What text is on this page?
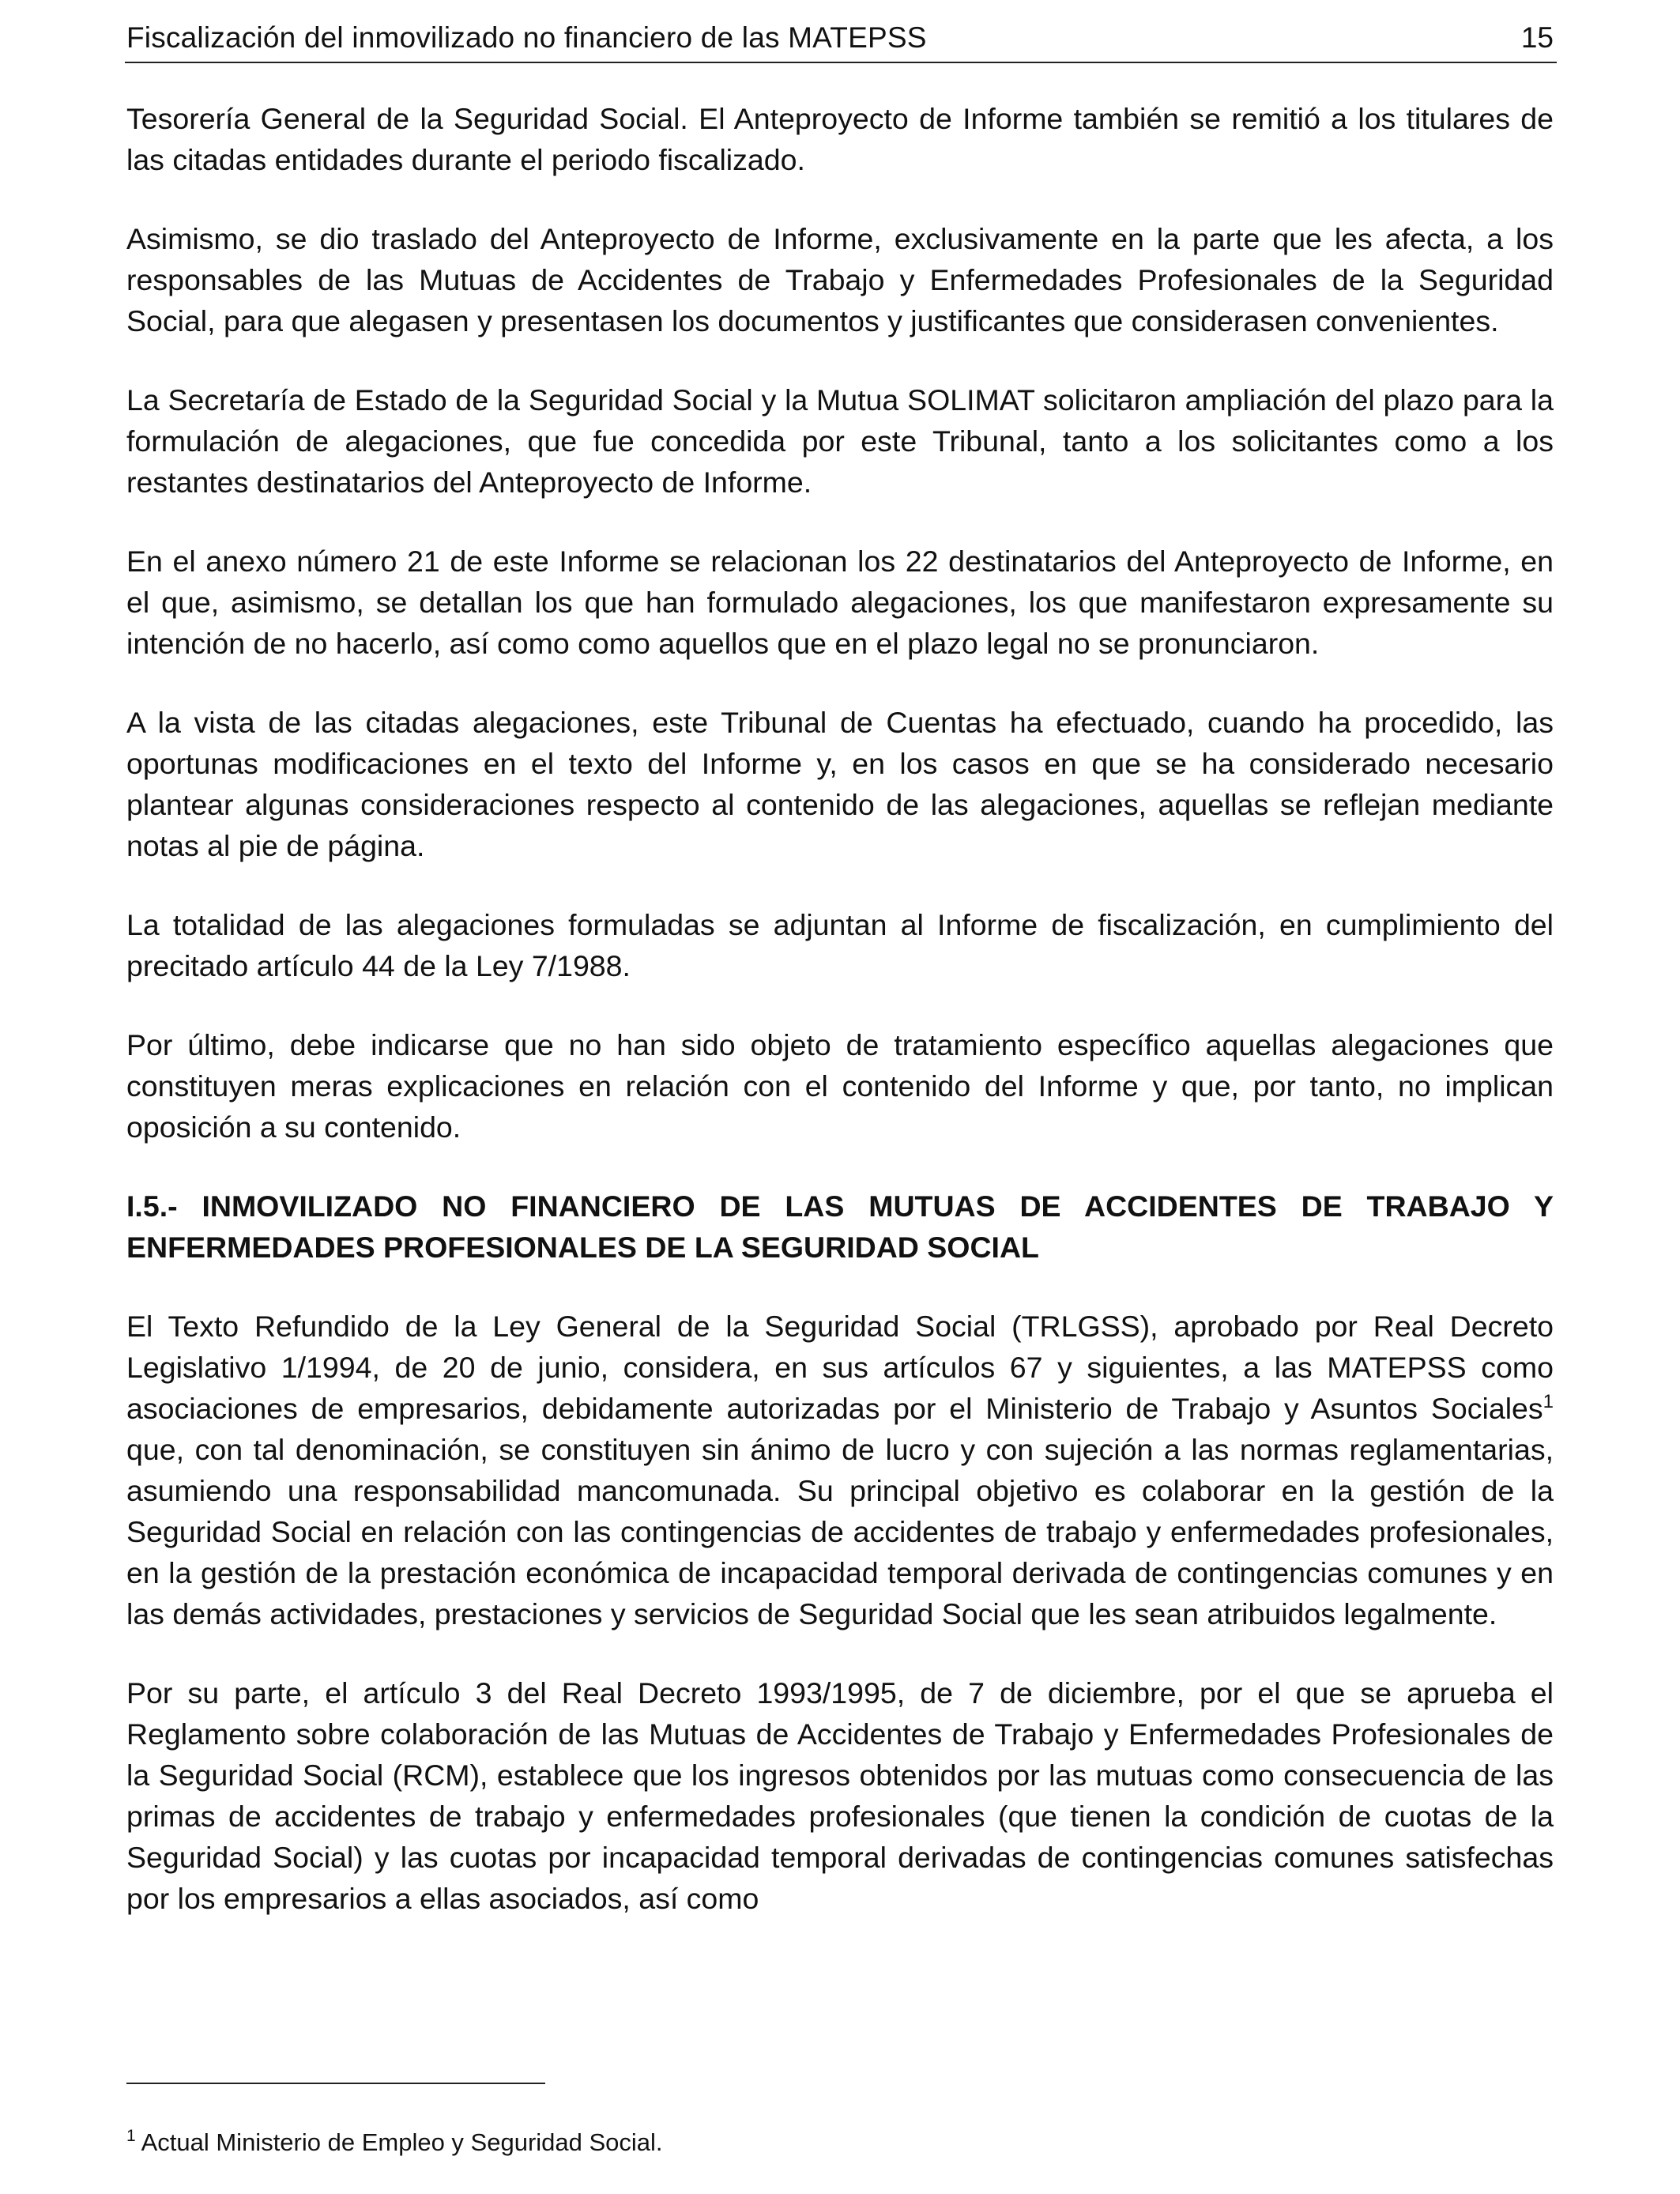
Fiscalización del inmovilizado no financiero de las MATEPSS	15

Tesorería General de la Seguridad Social. El Anteproyecto de Informe también se remitió a los titulares de las citadas entidades durante el periodo fiscalizado.

Asimismo, se dio traslado del Anteproyecto de Informe, exclusivamente en la parte que les afecta, a los responsables de las Mutuas de Accidentes de Trabajo y Enfermedades Profesionales de la Seguridad Social, para que alegasen y presentasen los documentos y justificantes que considerasen convenientes.

La Secretaría de Estado de la Seguridad Social y la Mutua SOLIMAT solicitaron ampliación del plazo para la formulación de alegaciones, que fue concedida por este Tribunal, tanto a los solicitantes como a los restantes destinatarios del Anteproyecto de Informe.

En el anexo número 21 de este Informe se relacionan los 22 destinatarios del Anteproyecto de Informe, en el que, asimismo, se detallan los que han formulado alegaciones, los que manifestaron expresamente su intención de no hacerlo, así como como aquellos que en el plazo legal no se pronunciaron.

A la vista de las citadas alegaciones, este Tribunal de Cuentas ha efectuado, cuando ha procedido, las oportunas modificaciones en el texto del Informe y, en los casos en que se ha considerado necesario plantear algunas consideraciones respecto al contenido de las alegaciones, aquellas se reflejan mediante notas al pie de página.

La totalidad de las alegaciones formuladas se adjuntan al Informe de fiscalización, en cumplimiento del precitado artículo 44 de la Ley 7/1988.

Por último, debe indicarse que no han sido objeto de tratamiento específico aquellas alegaciones que constituyen meras explicaciones en relación con el contenido del Informe y que, por tanto, no implican oposición a su contenido.

I.5.- INMOVILIZADO NO FINANCIERO DE LAS MUTUAS DE ACCIDENTES DE TRABAJO Y ENFERMEDADES PROFESIONALES DE LA SEGURIDAD SOCIAL

El Texto Refundido de la Ley General de la Seguridad Social (TRLGSS), aprobado por Real Decreto Legislativo 1/1994, de 20 de junio, considera, en sus artículos 67 y siguientes, a las MATEPSS como asociaciones de empresarios, debidamente autorizadas por el Ministerio de Trabajo y Asuntos Sociales$^1$ que, con tal denominación, se constituyen sin ánimo de lucro y con sujeción a las normas reglamentarias, asumiendo una responsabilidad mancomunada. Su principal objetivo es colaborar en la gestión de la Seguridad Social en relación con las contingencias de accidentes de trabajo y enfermedades profesionales, en la gestión de la prestación económica de incapacidad temporal derivada de contingencias comunes y en las demás actividades, prestaciones y servicios de Seguridad Social que les sean atribuidos legalmente.

Por su parte, el artículo 3 del Real Decreto 1993/1995, de 7 de diciembre, por el que se aprueba el Reglamento sobre colaboración de las Mutuas de Accidentes de Trabajo y Enfermedades Profesionales de la Seguridad Social (RCM), establece que los ingresos obtenidos por las mutuas como consecuencia de las primas de accidentes de trabajo y enfermedades profesionales (que tienen la condición de cuotas de la Seguridad Social) y las cuotas por incapacidad temporal derivadas de contingencias comunes satisfechas por los empresarios a ellas asociados, así como

$^1$ Actual Ministerio de Empleo y Seguridad Social.
